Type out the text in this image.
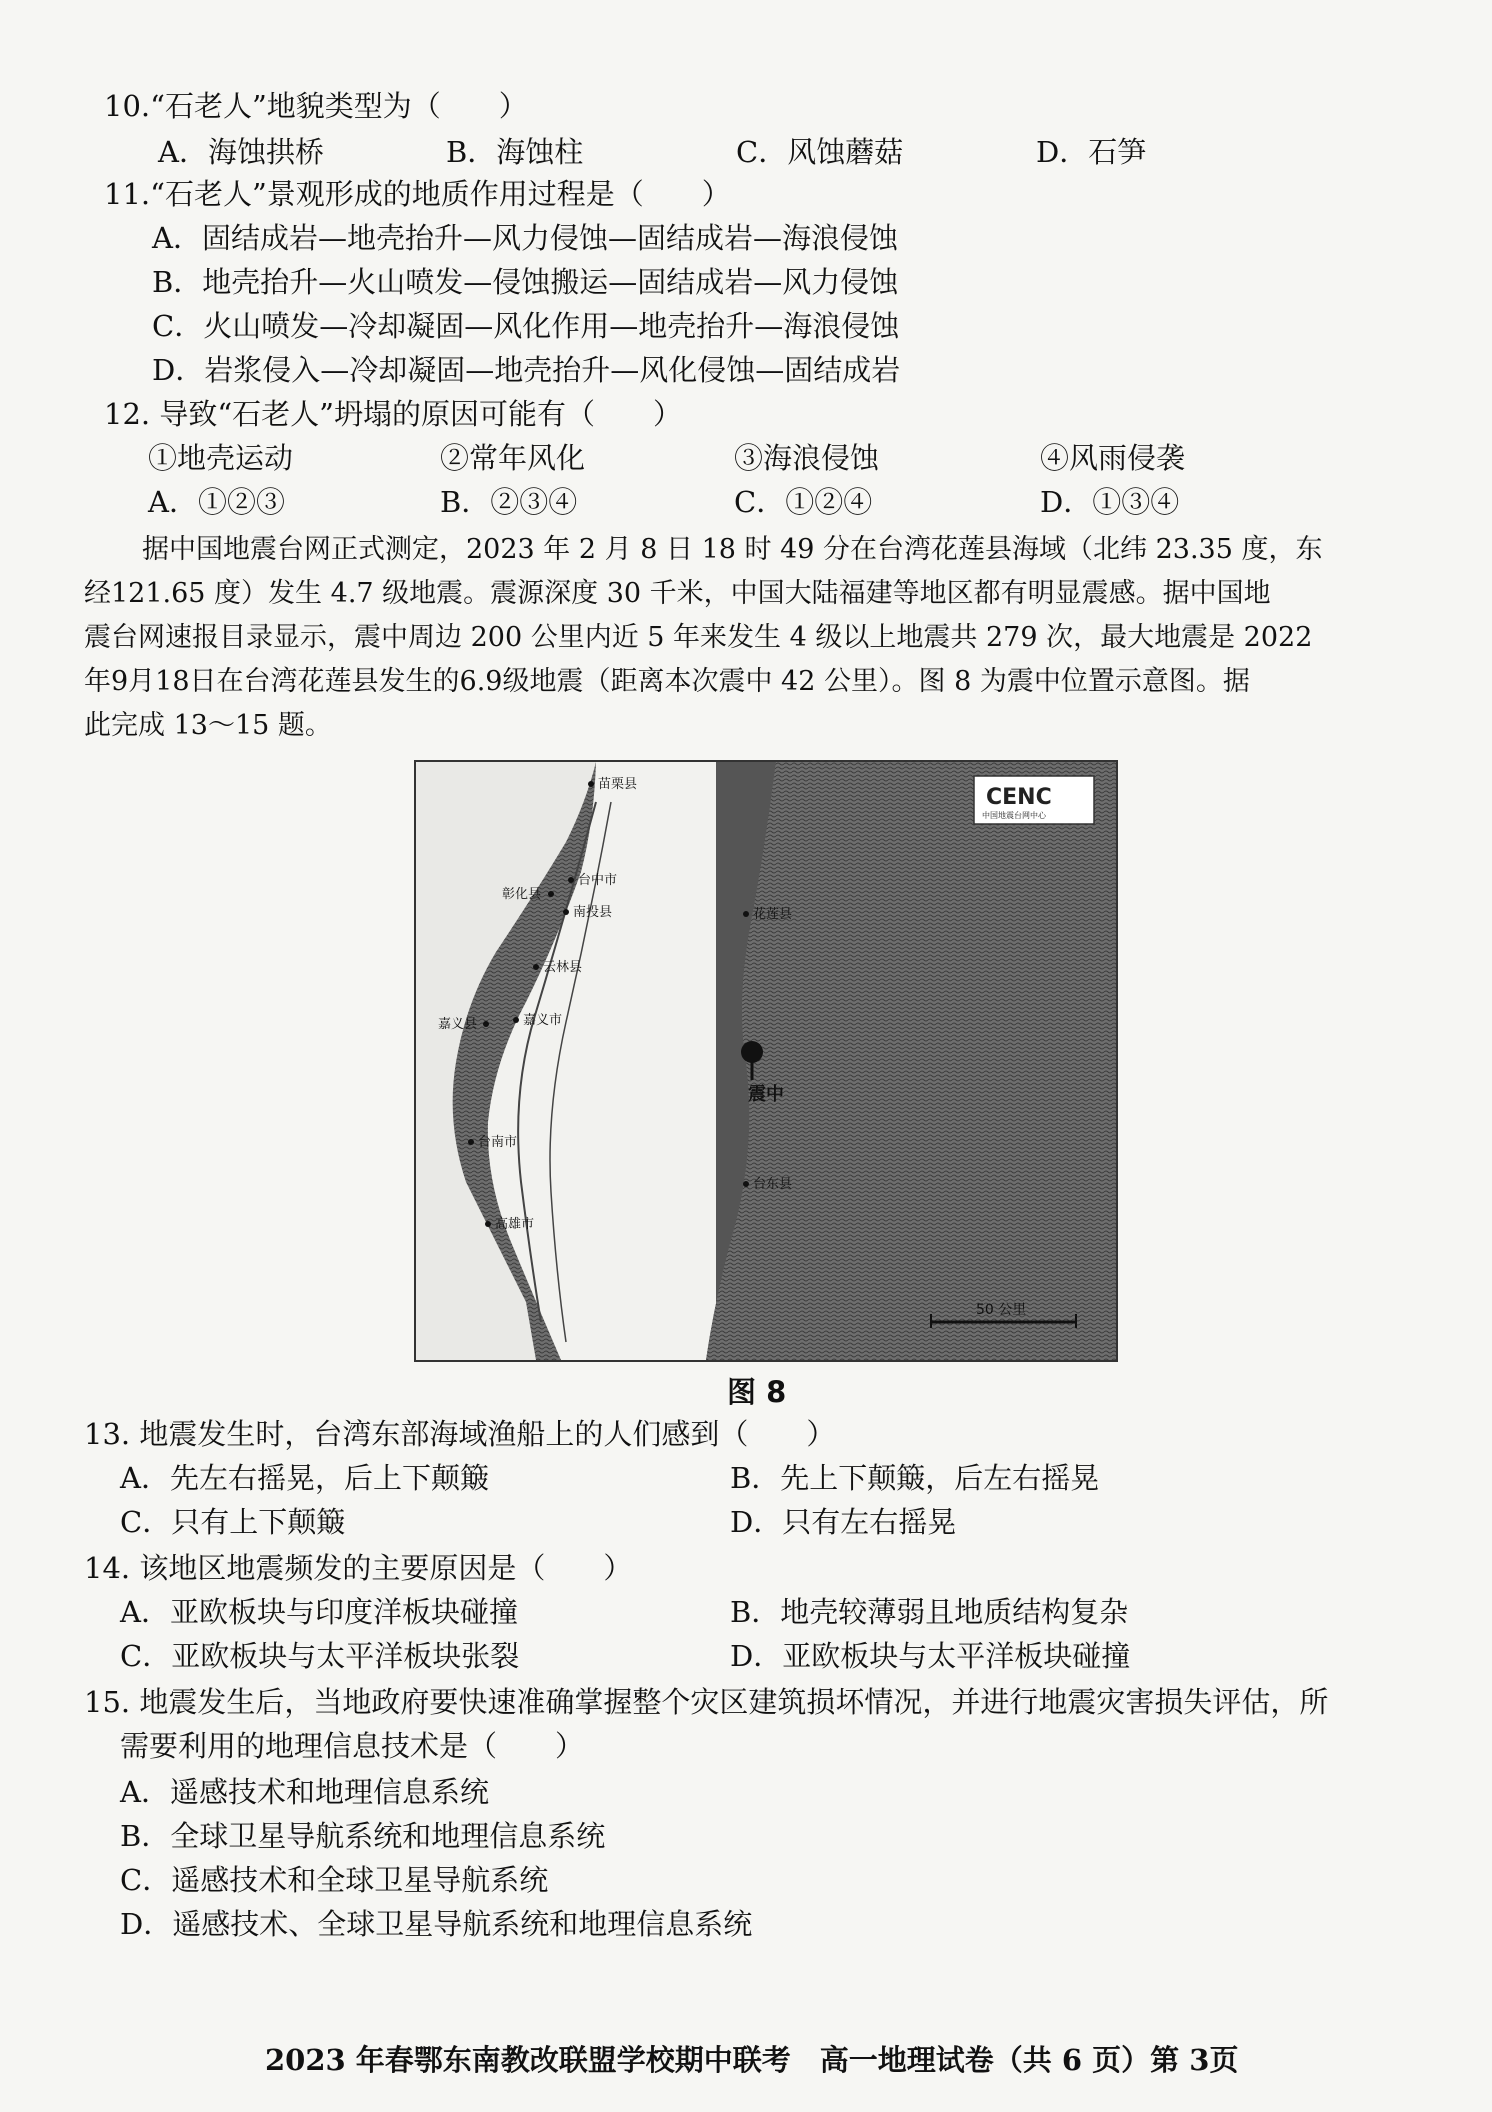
10.“石老人”地貌类型为（　　）
A．海蚀拱桥	B．海蚀柱	C．风蚀蘑菇	D．石笋
11.“石老人”景观形成的地质作用过程是（　　）
A．固结成岩—地壳抬升—风力侵蚀—固结成岩—海浪侵蚀
B．地壳抬升—火山喷发—侵蚀搬运—固结成岩—风力侵蚀
C．火山喷发—冷却凝固—风化作用—地壳抬升—海浪侵蚀
D．岩浆侵入—冷却凝固—地壳抬升—风化侵蚀—固结成岩
12. 导致“石老人”坍塌的原因可能有（　　）
①地壳运动	②常年风化	③海浪侵蚀	④风雨侵袭
A．①②③	B．②③④	C．①②④	D．①③④
据中国地震台网正式测定，2023 年 2 月 8 日 18 时 49 分在台湾花莲县海域（北纬 23.35 度，东
经121.65 度）发生 4.7 级地震。震源深度 30 千米，中国大陆福建等地区都有明显震感。据中国地
震台网速报目录显示，震中周边 200 公里内近 5 年来发生 4 级以上地震共 279 次，最大地震是 2022
年9月18日在台湾花莲县发生的6.9级地震（距离本次震中 42 公里）。图 8 为震中位置示意图。据
此完成 13～15 题。
苗栗县
台中市
彰化县
南投县
云林县
嘉义县	嘉义市
台南市
高雄市
花莲县
台东县
震中
CENC
中国地震台网中心
50 公里
图 8
13. 地震发生时，台湾东部海域渔船上的人们感到（　　）
A．先左右摇晃，后上下颠簸	B．先上下颠簸，后左右摇晃
C．只有上下颠簸	D．只有左右摇晃
14. 该地区地震频发的主要原因是（　　）
A．亚欧板块与印度洋板块碰撞	B．地壳较薄弱且地质结构复杂
C．亚欧板块与太平洋板块张裂	D．亚欧板块与太平洋板块碰撞
15. 地震发生后，当地政府要快速准确掌握整个灾区建筑损坏情况，并进行地震灾害损失评估，所
需要利用的地理信息技术是（　　）
A．遥感技术和地理信息系统
B．全球卫星导航系统和地理信息系统
C．遥感技术和全球卫星导航系统
D．遥感技术、全球卫星导航系统和地理信息系统
2023 年春鄂东南教改联盟学校期中联考　高一地理试卷（共 6 页）第 3页
